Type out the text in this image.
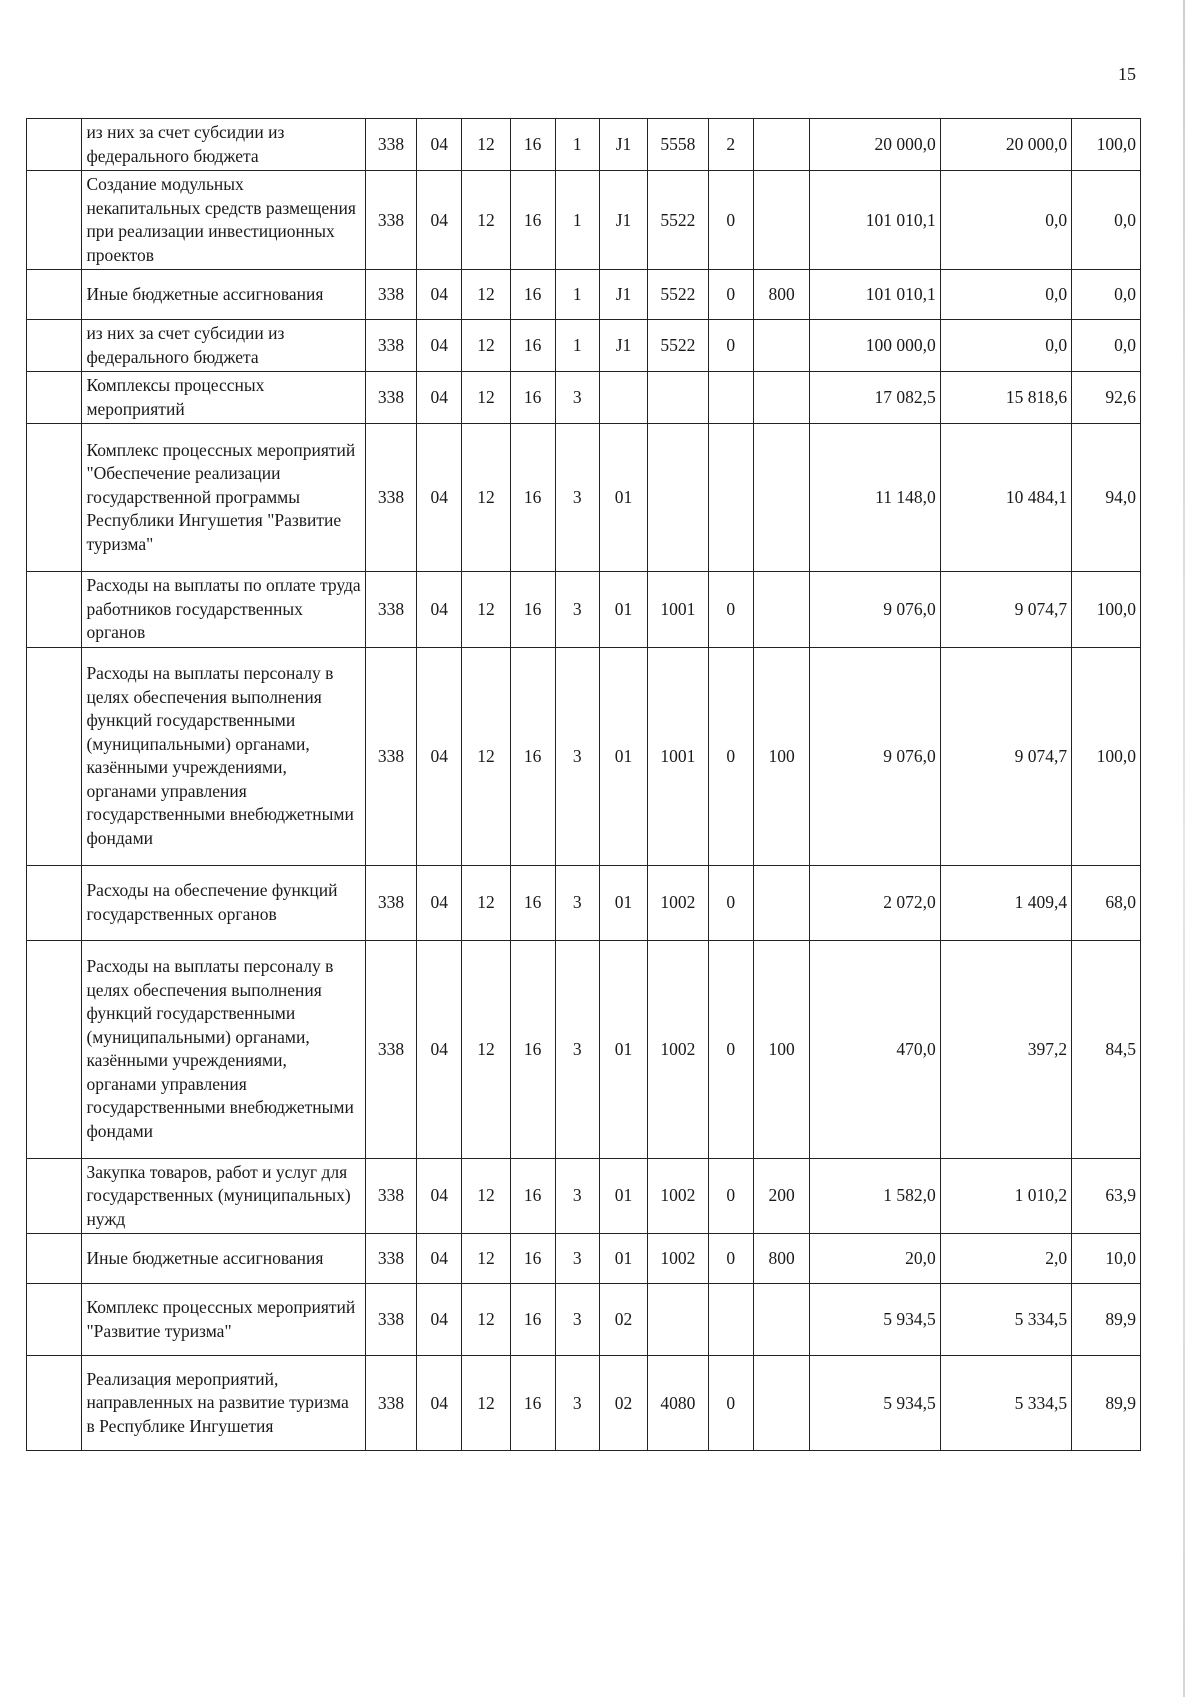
15
	из них за счет субсидии из федерального бюджета	338	04	12	16	1	J1	5558	2		20 000,0	20 000,0	100,0
	Создание модульных некапитальных средств размещения при реализации инвестиционных проектов	338	04	12	16	1	J1	5522	0		101 010,1	0,0	0,0
	Иные бюджетные ассигнования	338	04	12	16	1	J1	5522	0	800	101 010,1	0,0	0,0
	из них за счет субсидии из федерального бюджета	338	04	12	16	1	J1	5522	0		100 000,0	0,0	0,0
	Комплексы процессных мероприятий	338	04	12	16	3					17 082,5	15 818,6	92,6
	Комплекс процессных мероприятий "Обеспечение реализации государственной программы Республики Ингушетия "Развитие туризма"	338	04	12	16	3	01				11 148,0	10 484,1	94,0
	Расходы на выплаты по оплате труда работников государственных органов	338	04	12	16	3	01	1001	0		9 076,0	9 074,7	100,0
	Расходы на выплаты персоналу в целях обеспечения выполнения функций государственными (муниципальными) органами, казёнными учреждениями, органами управления государственными внебюджетными фондами	338	04	12	16	3	01	1001	0	100	9 076,0	9 074,7	100,0
	Расходы на обеспечение функций государственных органов	338	04	12	16	3	01	1002	0		2 072,0	1 409,4	68,0
	Расходы на выплаты персоналу в целях обеспечения выполнения функций государственными (муниципальными) органами, казёнными учреждениями, органами управления государственными внебюджетными фондами	338	04	12	16	3	01	1002	0	100	470,0	397,2	84,5
	Закупка товаров, работ и услуг для государственных (муниципальных) нужд	338	04	12	16	3	01	1002	0	200	1 582,0	1 010,2	63,9
	Иные бюджетные ассигнования	338	04	12	16	3	01	1002	0	800	20,0	2,0	10,0
	Комплекс процессных мероприятий "Развитие туризма"	338	04	12	16	3	02				5 934,5	5 334,5	89,9
	Реализация мероприятий, направленных на развитие туризма в Республике Ингушетия	338	04	12	16	3	02	4080	0		5 934,5	5 334,5	89,9
